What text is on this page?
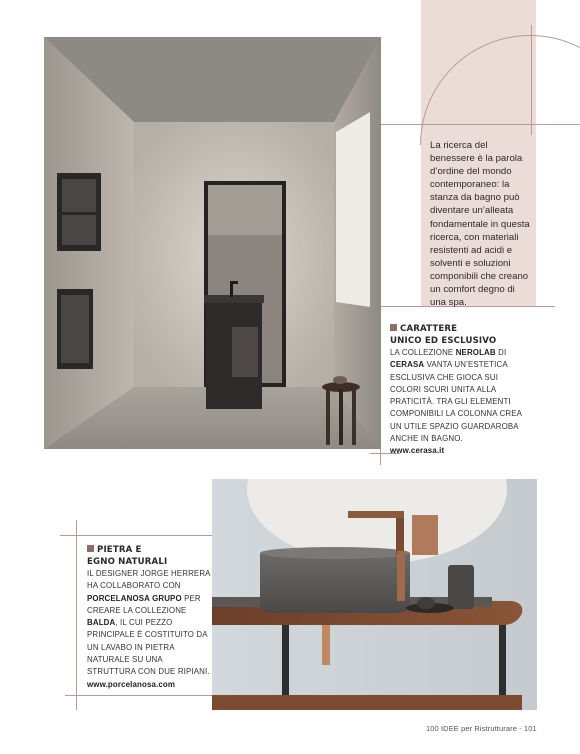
La ricerca del benessere è la parola d’ordine del mondo contemporaneo: la stanza da bagno può diventare un’alleata fondamentale in questa ricerca, con materiali resistenti ad acidi e solventi e soluzioni componibili che creano un comfort degno di una spa.

CARATTERE
UNICO ED ESCLUSIVO
LA COLLEZIONE NEROLAB DI CERASA VANTA UN’ESTETICA ESCLUSIVA CHE GIOCA SUI COLORI SCURI UNITA ALLA PRATICITÀ. TRA GLI ELEMENTI COMPONIBILI LA COLONNA CREA UN UTILE SPAZIO GUARDAROBA ANCHE IN BAGNO.
www.cerasa.it
PIETRA E
EGNO NATURALI
IL DESIGNER JORGE HERRERA HA COLLABORATO CON PORCELANOSA GRUPO PER CREARE LA COLLEZIONE BALDA, IL CUI PEZZO PRINCIPALE È COSTITUITO DA UN LAVABO IN PIETRA NATURALE SU UNA STRUTTURA CON DUE RIPIANI.
www.porcelanosa.com
100 IDEE per Ristrutturare - 101
